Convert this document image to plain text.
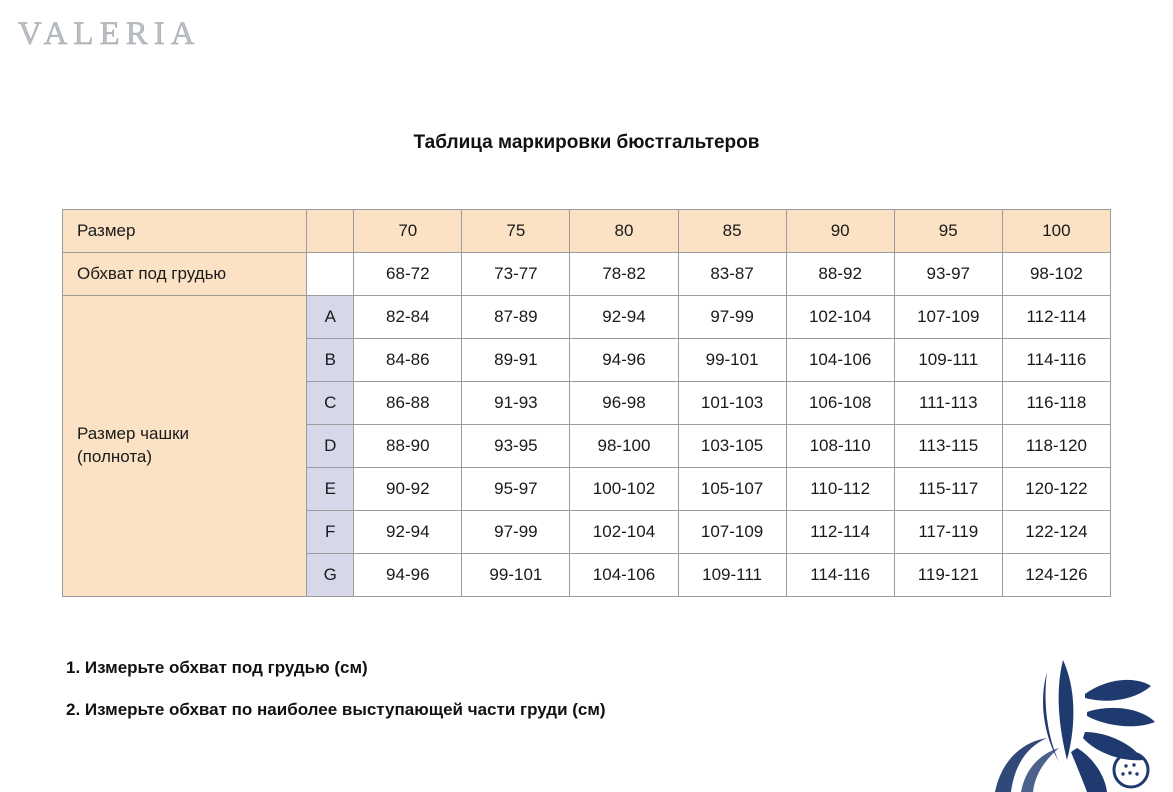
VALERIA
Таблица маркировки бюстгальтеров
Размер		70	75	80	85	90	95	100
Обхват под грудью		68-72	73-77	78-82	83-87	88-92	93-97	98-102

Размер чашки
(полнота)	A	82-84	87-89	92-94	97-99	102-104	107-109	112-114
	B	84-86	89-91	94-96	99-101	104-106	109-111	114-116
	C	86-88	91-93	96-98	101-103	106-108	111-113	116-118
	D	88-90	93-95	98-100	103-105	108-110	113-115	118-120
	E	90-92	95-97	100-102	105-107	110-112	115-117	120-122
	F	92-94	97-99	102-104	107-109	112-114	117-119	122-124
	G	94-96	99-101	104-106	109-111	114-116	119-121	124-126
1. Измерьте обхват под грудью (см)
2. Измерьте обхват по наиболее выступающей части груди (см)
